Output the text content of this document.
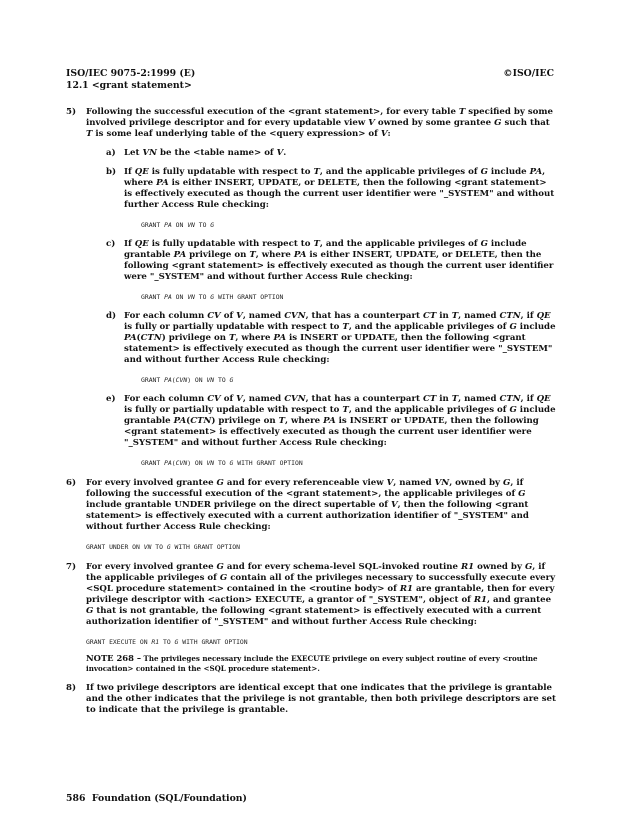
ISO/IEC 9075-2:1999 (E)	©ISO/IEC
12.1 <grant statement>
5) Following the successful execution of the <grant statement>, for every table T specified by some involved privilege descriptor and for every updatable view V owned by some grantee G such that T is some leaf underlying table of the <query expression> of V:
a) Let VN be the <table name> of V.
b) If QE is fully updatable with respect to T, and the applicable privileges of G include PA, where PA is either INSERT, UPDATE, or DELETE, then the following <grant statement> is effectively executed as though the current user identifier were "_SYSTEM" and without further Access Rule checking:
GRANT PA ON VN TO G
c) If QE is fully updatable with respect to T, and the applicable privileges of G include grantable PA privilege on T, where PA is either INSERT, UPDATE, or DELETE, then the following <grant statement> is effectively executed as though the current user identifier were "_SYSTEM" and without further Access Rule checking:
GRANT PA ON VN TO G WITH GRANT OPTION
d) For each column CV of V, named CVN, that has a counterpart CT in T, named CTN, if QE is fully or partially updatable with respect to T, and the applicable privileges of G include PA(CTN) privilege on T, where PA is INSERT or UPDATE, then the following <grant statement> is effectively executed as though the current user identifier were "_SYSTEM" and without further Access Rule checking:
GRANT PA(CVN) ON VN TO G
e) For each column CV of V, named CVN, that has a counterpart CT in T, named CTN, if QE is fully or partially updatable with respect to T, and the applicable privileges of G include grantable PA(CTN) privilege on T, where PA is INSERT or UPDATE, then the following <grant statement> is effectively executed as though the current user identifier were "_SYSTEM" and without further Access Rule checking:
GRANT PA(CVN) ON VN TO G WITH GRANT OPTION
6) For every involved grantee G and for every referenceable view V, named VN, owned by G, if following the successful execution of the <grant statement>, the applicable privileges of G include grantable UNDER privilege on the direct supertable of V, then the following <grant statement> is effectively executed with a current authorization identifier of "_SYSTEM" and without further Access Rule checking:
GRANT UNDER ON VN TO G WITH GRANT OPTION
7) For every involved grantee G and for every schema-level SQL-invoked routine R1 owned by G, if the applicable privileges of G contain all of the privileges necessary to successfully execute every <SQL procedure statement> contained in the <routine body> of R1 are grantable, then for every privilege descriptor with <action> EXECUTE, a grantor of "_SYSTEM", object of R1, and grantee G that is not grantable, the following <grant statement> is effectively executed with a current authorization identifier of "_SYSTEM" and without further Access Rule checking:
GRANT EXECUTE ON R1 TO G WITH GRANT OPTION
NOTE 268 – The privileges necessary include the EXECUTE privilege on every subject routine of every <routine invocation> contained in the <SQL procedure statement>.
8) If two privilege descriptors are identical except that one indicates that the privilege is grantable and the other indicates that the privilege is not grantable, then both privilege descriptors are set to indicate that the privilege is grantable.
586 Foundation (SQL/Foundation)
